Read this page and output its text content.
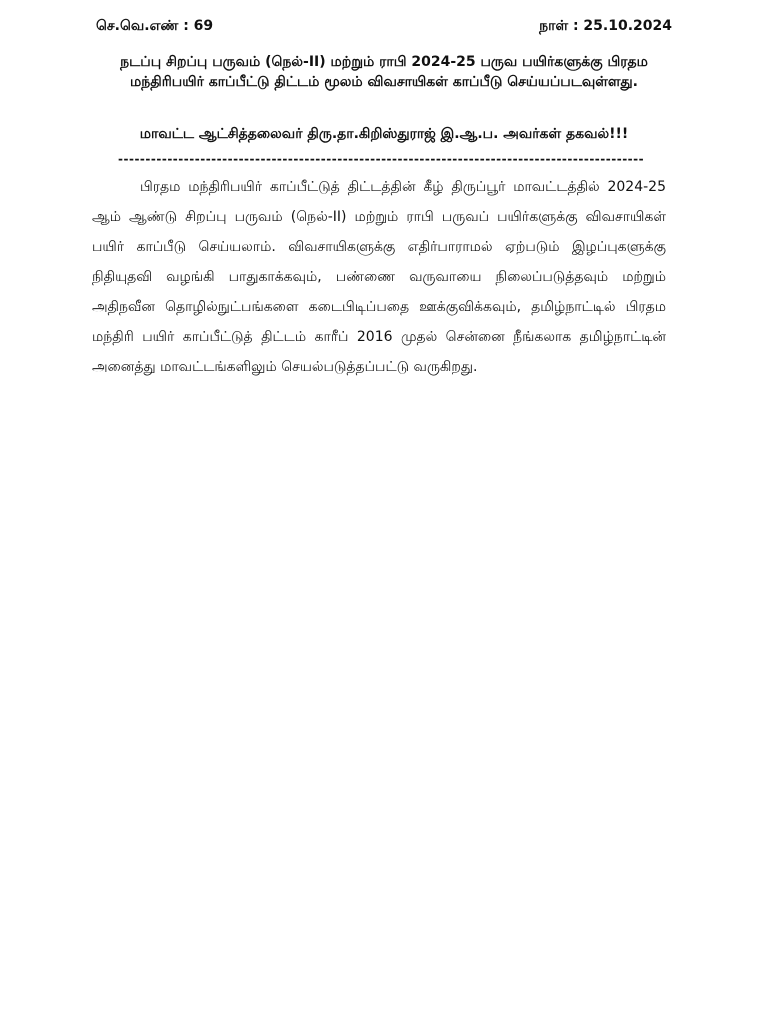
செ.வெ.எண் : 69	நாள் : 25.10.2024
நடப்பு சிறப்பு பருவம் (நெல்-II) மற்றும் ராபி 2024-25 பருவ பயிர்களுக்கு பிரதம மந்திரிபயிர் காப்பீட்டு திட்டம் மூலம் விவசாயிகள் காப்பீடு செய்யப்படவுள்ளது.
மாவட்ட ஆட்சித்தலைவர் திரு.தா.கிறிஸ்துராஜ் இ.ஆ.ப. அவர்கள் தகவல்!!!
------------------------------------------------------------------------------------------------

பிரதம மந்திரிபயிர் காப்பீட்டுத் திட்டத்தின் கீழ் திருப்பூர் மாவட்டத்தில் 2024-25 ஆம் ஆண்டு சிறப்பு பருவம் (நெல்-II) மற்றும் ராபி பருவப் பயிர்களுக்கு விவசாயிகள் பயிர் காப்பீடு செய்யலாம். விவசாயிகளுக்கு எதிர்பாராமல் ஏற்படும் இழப்புகளுக்கு நிதியுதவி வழங்கி பாதுகாக்கவும், பண்ணை வருவாயை நிலைப்படுத்தவும் மற்றும் அதிநவீன தொழில்நுட்பங்களை கடைபிடிப்பதை ஊக்குவிக்கவும், தமிழ்நாட்டில் பிரதம மந்திரி பயிர் காப்பீட்டுத் திட்டம் காரீப் 2016 முதல் சென்னை நீங்கலாக தமிழ்நாட்டின் அனைத்து மாவட்டங்களிலும் செயல்படுத்தப்பட்டு வருகிறது.
